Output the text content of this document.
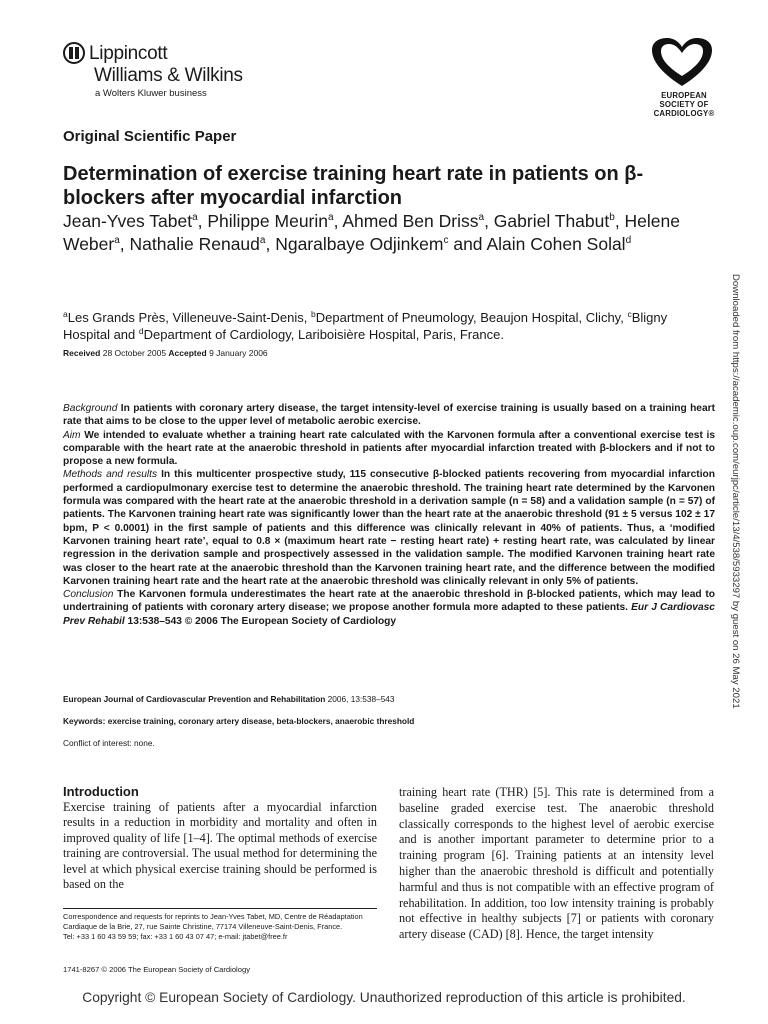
Lippincott
Williams & Wilkins
a Wolters Kluwer business	EUROPEAN
SOCIETY OF
CARDIOLOGY®
Original Scientific Paper
Determination of exercise training heart rate in patients on β-blockers after myocardial infarction
Jean-Yves Tabet$^a$, Philippe Meurin$^a$, Ahmed Ben Driss$^a$, Gabriel Thabut$^b$, Helene Weber$^a$, Nathalie Renaud$^a$, Ngaralbaye Odjinkem$^c$ and Alain Cohen Solal$^d$
$^a$Les Grands Près, Villeneuve-Saint-Denis, $^b$Department of Pneumology, Beaujon Hospital, Clichy, $^c$Bligny Hospital and $^d$Department of Cardiology, Lariboisière Hospital, Paris, France.
Received 28 October 2005 Accepted 9 January 2006

Background In patients with coronary artery disease, the target intensity-level of exercise training is usually based on a training heart rate that aims to be close to the upper level of metabolic aerobic exercise.

Aim We intended to evaluate whether a training heart rate calculated with the Karvonen formula after a conventional exercise test is comparable with the heart rate at the anaerobic threshold in patients after myocardial infarction treated with β-blockers and if not to propose a new formula.

Methods and results In this multicenter prospective study, 115 consecutive β-blocked patients recovering from myocardial infarction performed a cardiopulmonary exercise test to determine the anaerobic threshold. The training heart rate determined by the Karvonen formula was compared with the heart rate at the anaerobic threshold in a derivation sample (n = 58) and a validation sample (n = 57) of patients. The Karvonen training heart rate was significantly lower than the heart rate at the anaerobic threshold (91 ± 5 versus 102 ± 17 bpm, P < 0.0001) in the first sample of patients and this difference was clinically relevant in 40% of patients. Thus, a ‘modified Karvonen training heart rate’, equal to 0.8 × (maximum heart rate − resting heart rate) + resting heart rate, was calculated by linear regression in the derivation sample and prospectively assessed in the validation sample. The modified Karvonen training heart rate was closer to the heart rate at the anaerobic threshold than the Karvonen training heart rate, and the difference between the modified Karvonen training heart rate and the heart rate at the anaerobic threshold was clinically relevant in only 5% of patients.

Conclusion The Karvonen formula underestimates the heart rate at the anaerobic threshold in β-blocked patients, which may lead to undertraining of patients with coronary artery disease; we propose another formula more adapted to these patients. Eur J Cardiovasc Prev Rehabil 13:538–543 © 2006 The European Society of Cardiology

European Journal of Cardiovascular Prevention and Rehabilitation 2006, 13:538–543
Keywords: exercise training, coronary artery disease, beta-blockers, anaerobic threshold
Conflict of interest: none.
Introduction
Exercise training of patients after a myocardial infarction results in a reduction in morbidity and mortality and often in improved quality of life [1–4]. The optimal methods of exercise training are controversial. The usual method for determining the level at which physical exercise training should be performed is based on the
training heart rate (THR) [5]. This rate is determined from a baseline graded exercise test. The anaerobic threshold classically corresponds to the highest level of aerobic exercise and is another important parameter to determine prior to a training program [6]. Training patients at an intensity level higher than the anaerobic threshold is difficult and potentially harmful and thus is not compatible with an effective program of rehabilitation. In addition, too low intensity training is probably not effective in healthy subjects [7] or patients with coronary artery disease (CAD) [8]. Hence, the target intensity
Correspondence and requests for reprints to Jean-Yves Tabet, MD, Centre de Réadaptation Cardiaque de la Brie, 27, rue Sainte Christine, 77174 Villeneuve-Saint-Denis, France.
Tel: +33 1 60 43 59 59; fax: +33 1 60 43 07 47; e-mail: jtabet@free.fr
1741-8267 © 2006 The European Society of Cardiology
Downloaded from https://academic.oup.com/eurjpc/article/13/4/538/5933297 by guest on 26 May 2021
Copyright © European Society of Cardiology. Unauthorized reproduction of this article is prohibited.
